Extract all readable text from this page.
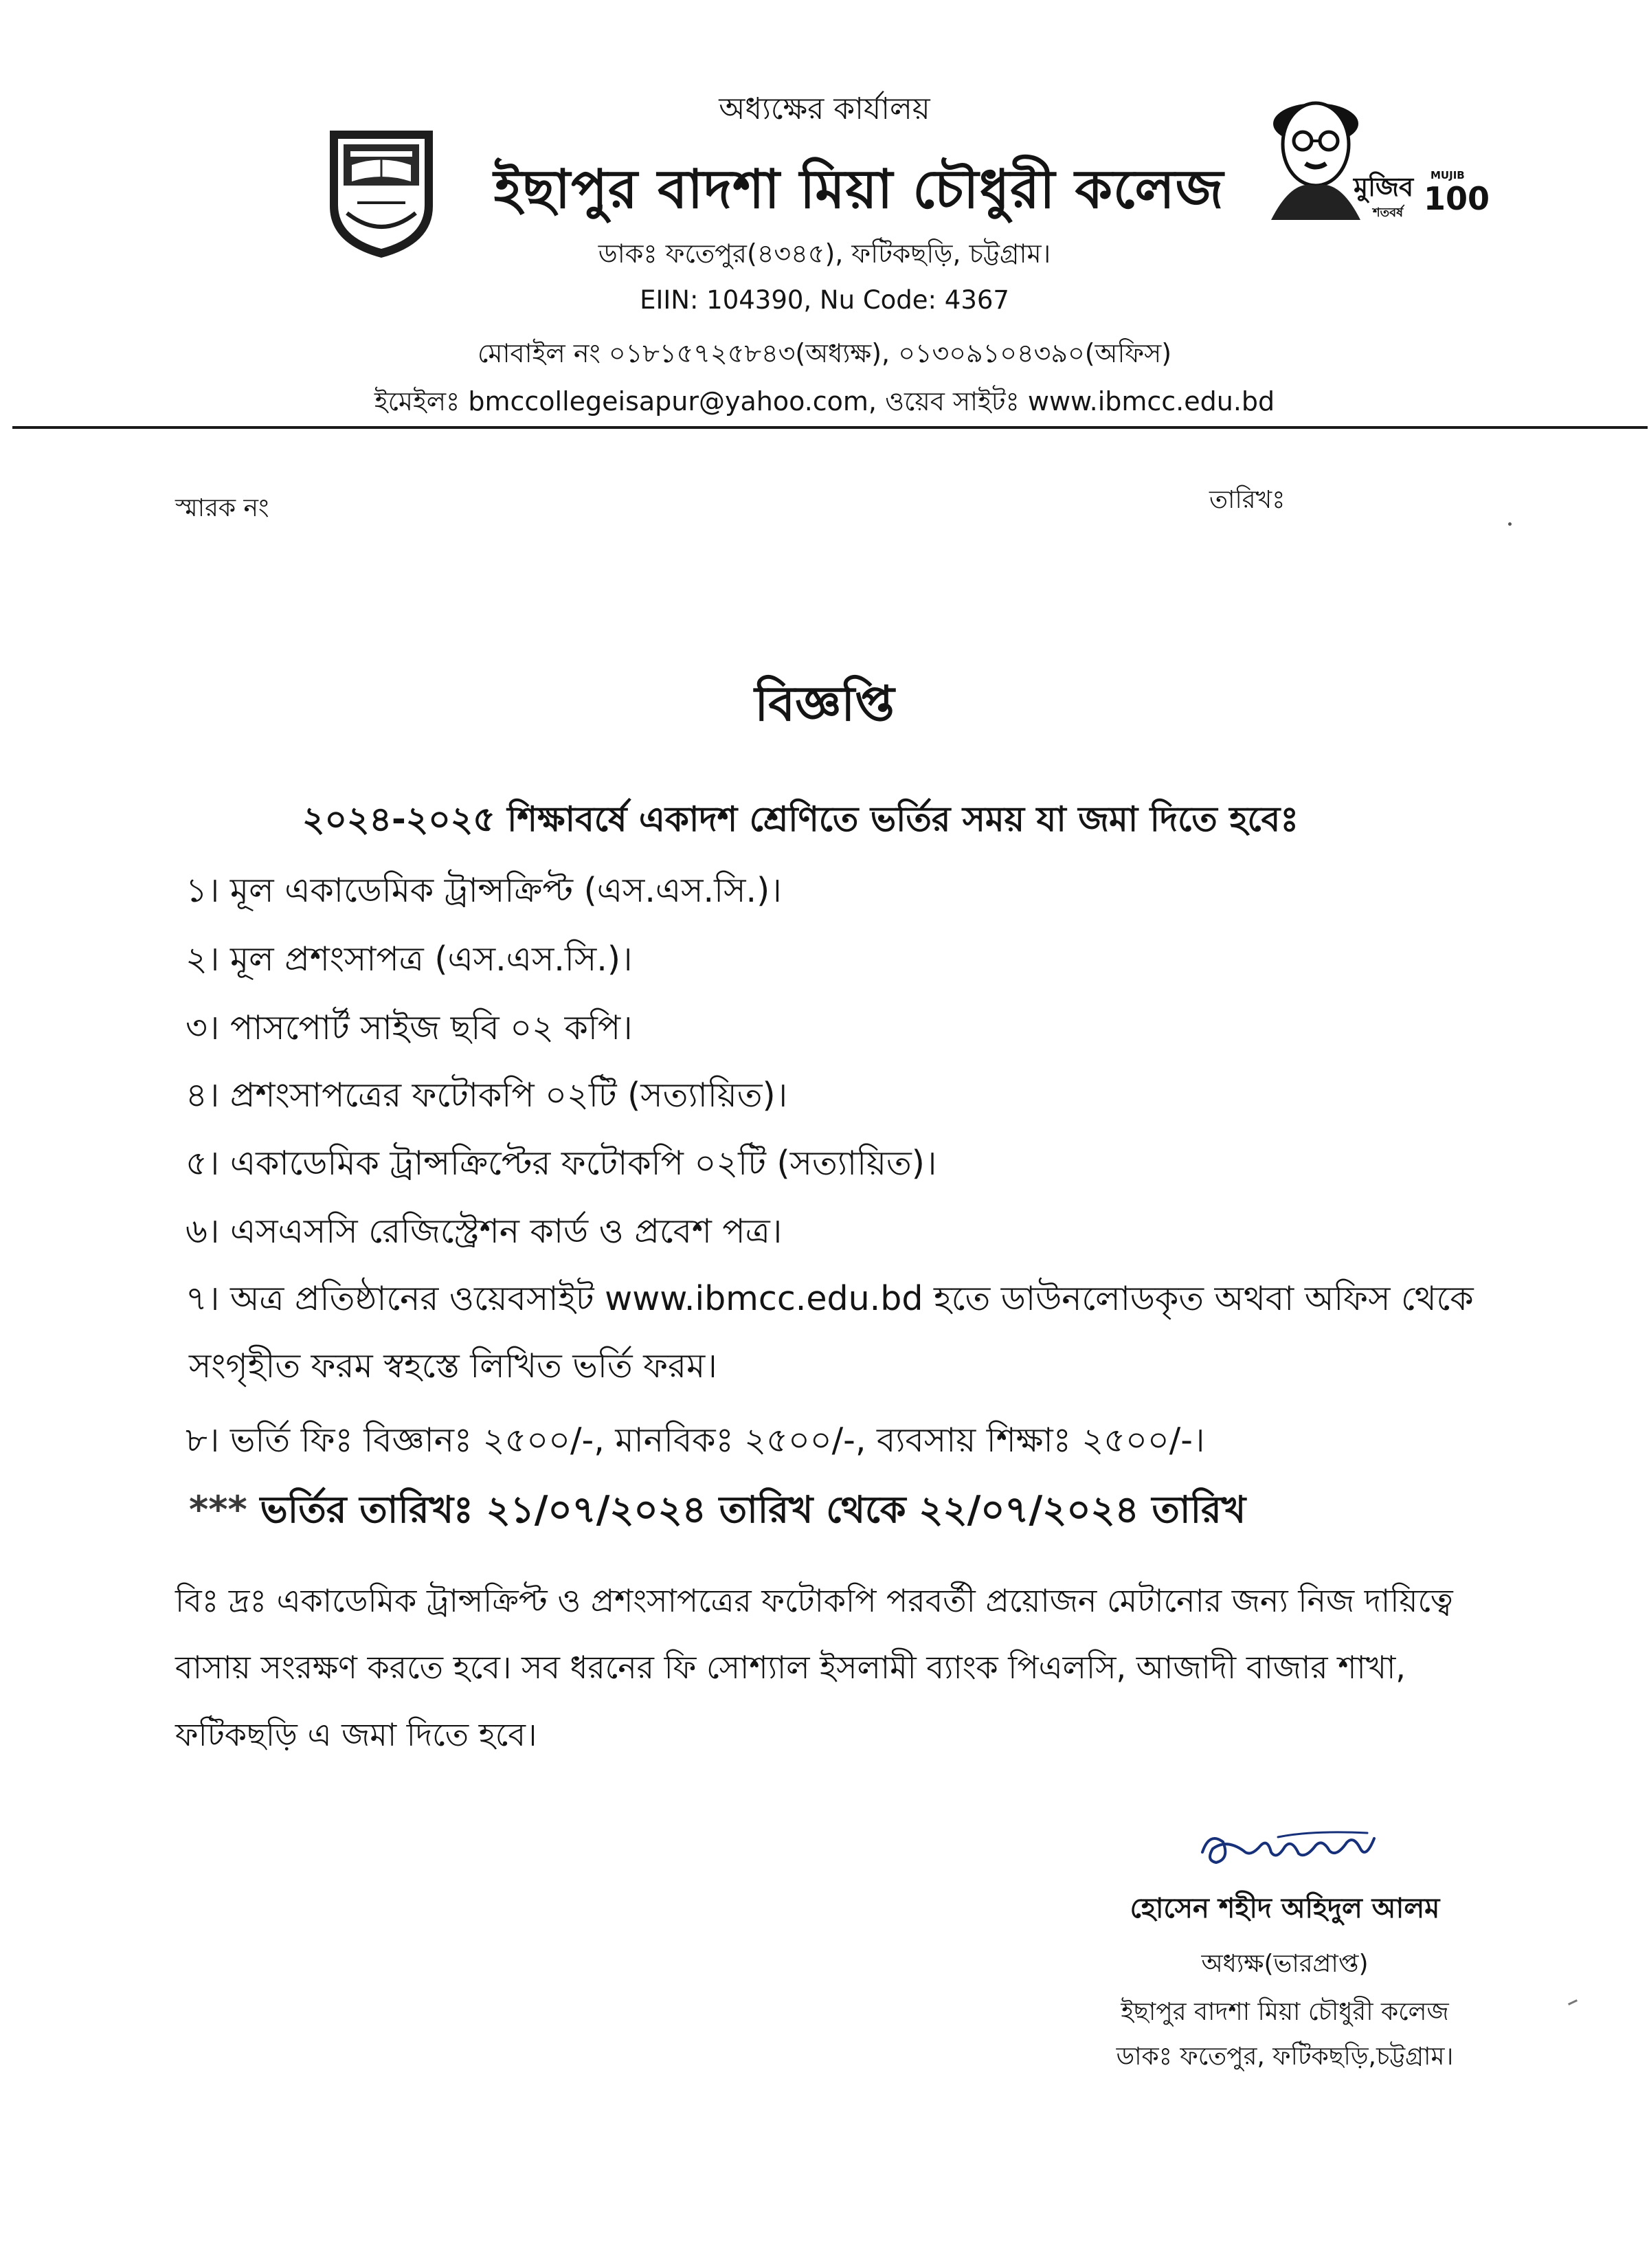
অধ্যক্ষের কার্যালয়
ইছাপুর বাদশা মিয়া চৌধুরী কলেজ
ডাকঃ ফতেপুর(৪৩৪৫), ফটিকছড়ি, চট্টগ্রাম।
EIIN: 104390, Nu Code: 4367
মোবাইল নং ০১৮১৫৭২৫৮৪৩(অধ্যক্ষ), ০১৩০৯১০৪৩৯০(অফিস)
ইমেইলঃ bmccollegeisapur@yahoo.com, ওয়েব সাইটঃ www.ibmcc.edu.bd
মুজিব
শতবর্ষ
MUJIB
100
স্মারক নং	তারিখঃ
বিজ্ঞপ্তি
২০২৪-২০২৫ শিক্ষাবর্ষে একাদশ শ্রেণিতে ভর্তির সময় যা জমা দিতে হবেঃ
১। মূল একাডেমিক ট্রান্সক্রিপ্ট (এস.এস.সি.)।
২। মূল প্রশংসাপত্র (এস.এস.সি.)।
৩। পাসপোর্ট সাইজ ছবি ০২ কপি।
৪। প্রশংসাপত্রের ফটোকপি ০২টি (সত্যায়িত)।
৫। একাডেমিক ট্রান্সক্রিপ্টের ফটোকপি ০২টি (সত্যায়িত)।
৬। এসএসসি রেজিস্ট্রেশন কার্ড ও প্রবেশ পত্র।
৭। অত্র প্রতিষ্ঠানের ওয়েবসাইট www.ibmcc.edu.bd হতে ডাউনলোডকৃত অথবা অফিস থেকে
সংগৃহীত ফরম স্বহস্তে লিখিত ভর্তি ফরম।
৮। ভর্তি ফিঃ বিজ্ঞানঃ ২৫০০/-, মানবিকঃ ২৫০০/-, ব্যবসায় শিক্ষাঃ ২৫০০/-।
*** ভর্তির তারিখঃ ২১/০৭/২০২৪ তারিখ থেকে ২২/০৭/২০২৪ তারিখ
বিঃ দ্রঃ একাডেমিক ট্রান্সক্রিপ্ট ও প্রশংসাপত্রের ফটোকপি পরবর্তী প্রয়োজন মেটানোর জন্য নিজ দায়িত্বে
বাসায় সংরক্ষণ করতে হবে। সব ধরনের ফি সোশ্যাল ইসলামী ব্যাংক পিএলসি, আজাদী বাজার শাখা,
ফটিকছড়ি এ জমা দিতে হবে।
হোসেন শহীদ অহিদুল আলম
অধ্যক্ষ(ভারপ্রাপ্ত)
ইছাপুর বাদশা মিয়া চৌধুরী কলেজ
ডাকঃ ফতেপুর, ফটিকছড়ি,চট্টগ্রাম।
